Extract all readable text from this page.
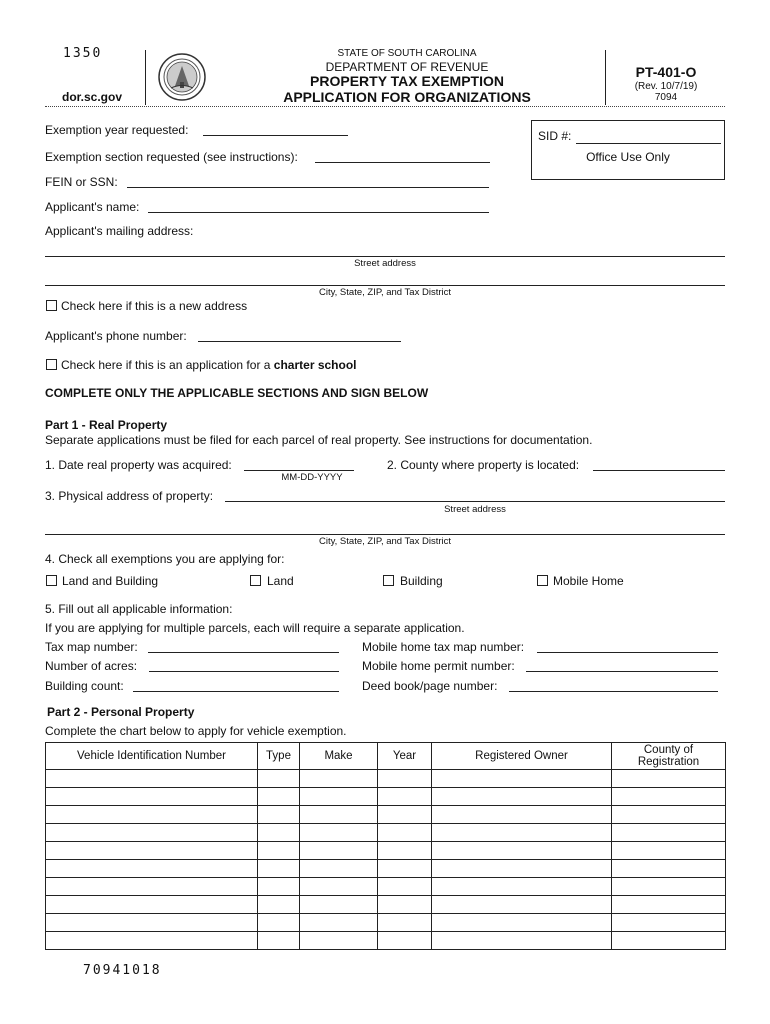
1350
dor.sc.gov
STATE OF SOUTH CAROLINA
DEPARTMENT OF REVENUE
PROPERTY TAX EXEMPTION
APPLICATION FOR ORGANIZATIONS
PT-401-O
(Rev. 10/7/19)
7094
SID #:
Office Use Only
Exemption year requested:
Exemption section requested (see instructions):
FEIN or SSN:
Applicant's name:
Applicant's mailing address:
Street address
City, State, ZIP, and Tax District
Check here if this is a new address
Applicant's phone number:
Check here if this is an application for a charter school
COMPLETE ONLY THE APPLICABLE SECTIONS AND SIGN BELOW
Part 1 - Real Property
Separate applications must be filed for each parcel of real property. See instructions for documentation.
1. Date real property was acquired:
MM-DD-YYYY
2. County where property is located:
3. Physical address of property:
Street address
City, State, ZIP, and Tax District
4. Check all exemptions you are applying for:
Land and Building	Land	Building	Mobile Home
5. Fill out all applicable information:
If you are applying for multiple parcels, each will require a separate application.
Tax map number:	Mobile home tax map number:
Number of acres:	Mobile home permit number:
Building count:	Deed book/page number:
Part 2 - Personal Property
Complete the chart below to apply for vehicle exemption.
Vehicle Identification Number	Type	Make	Year	Registered Owner	County of Registration

70941018
